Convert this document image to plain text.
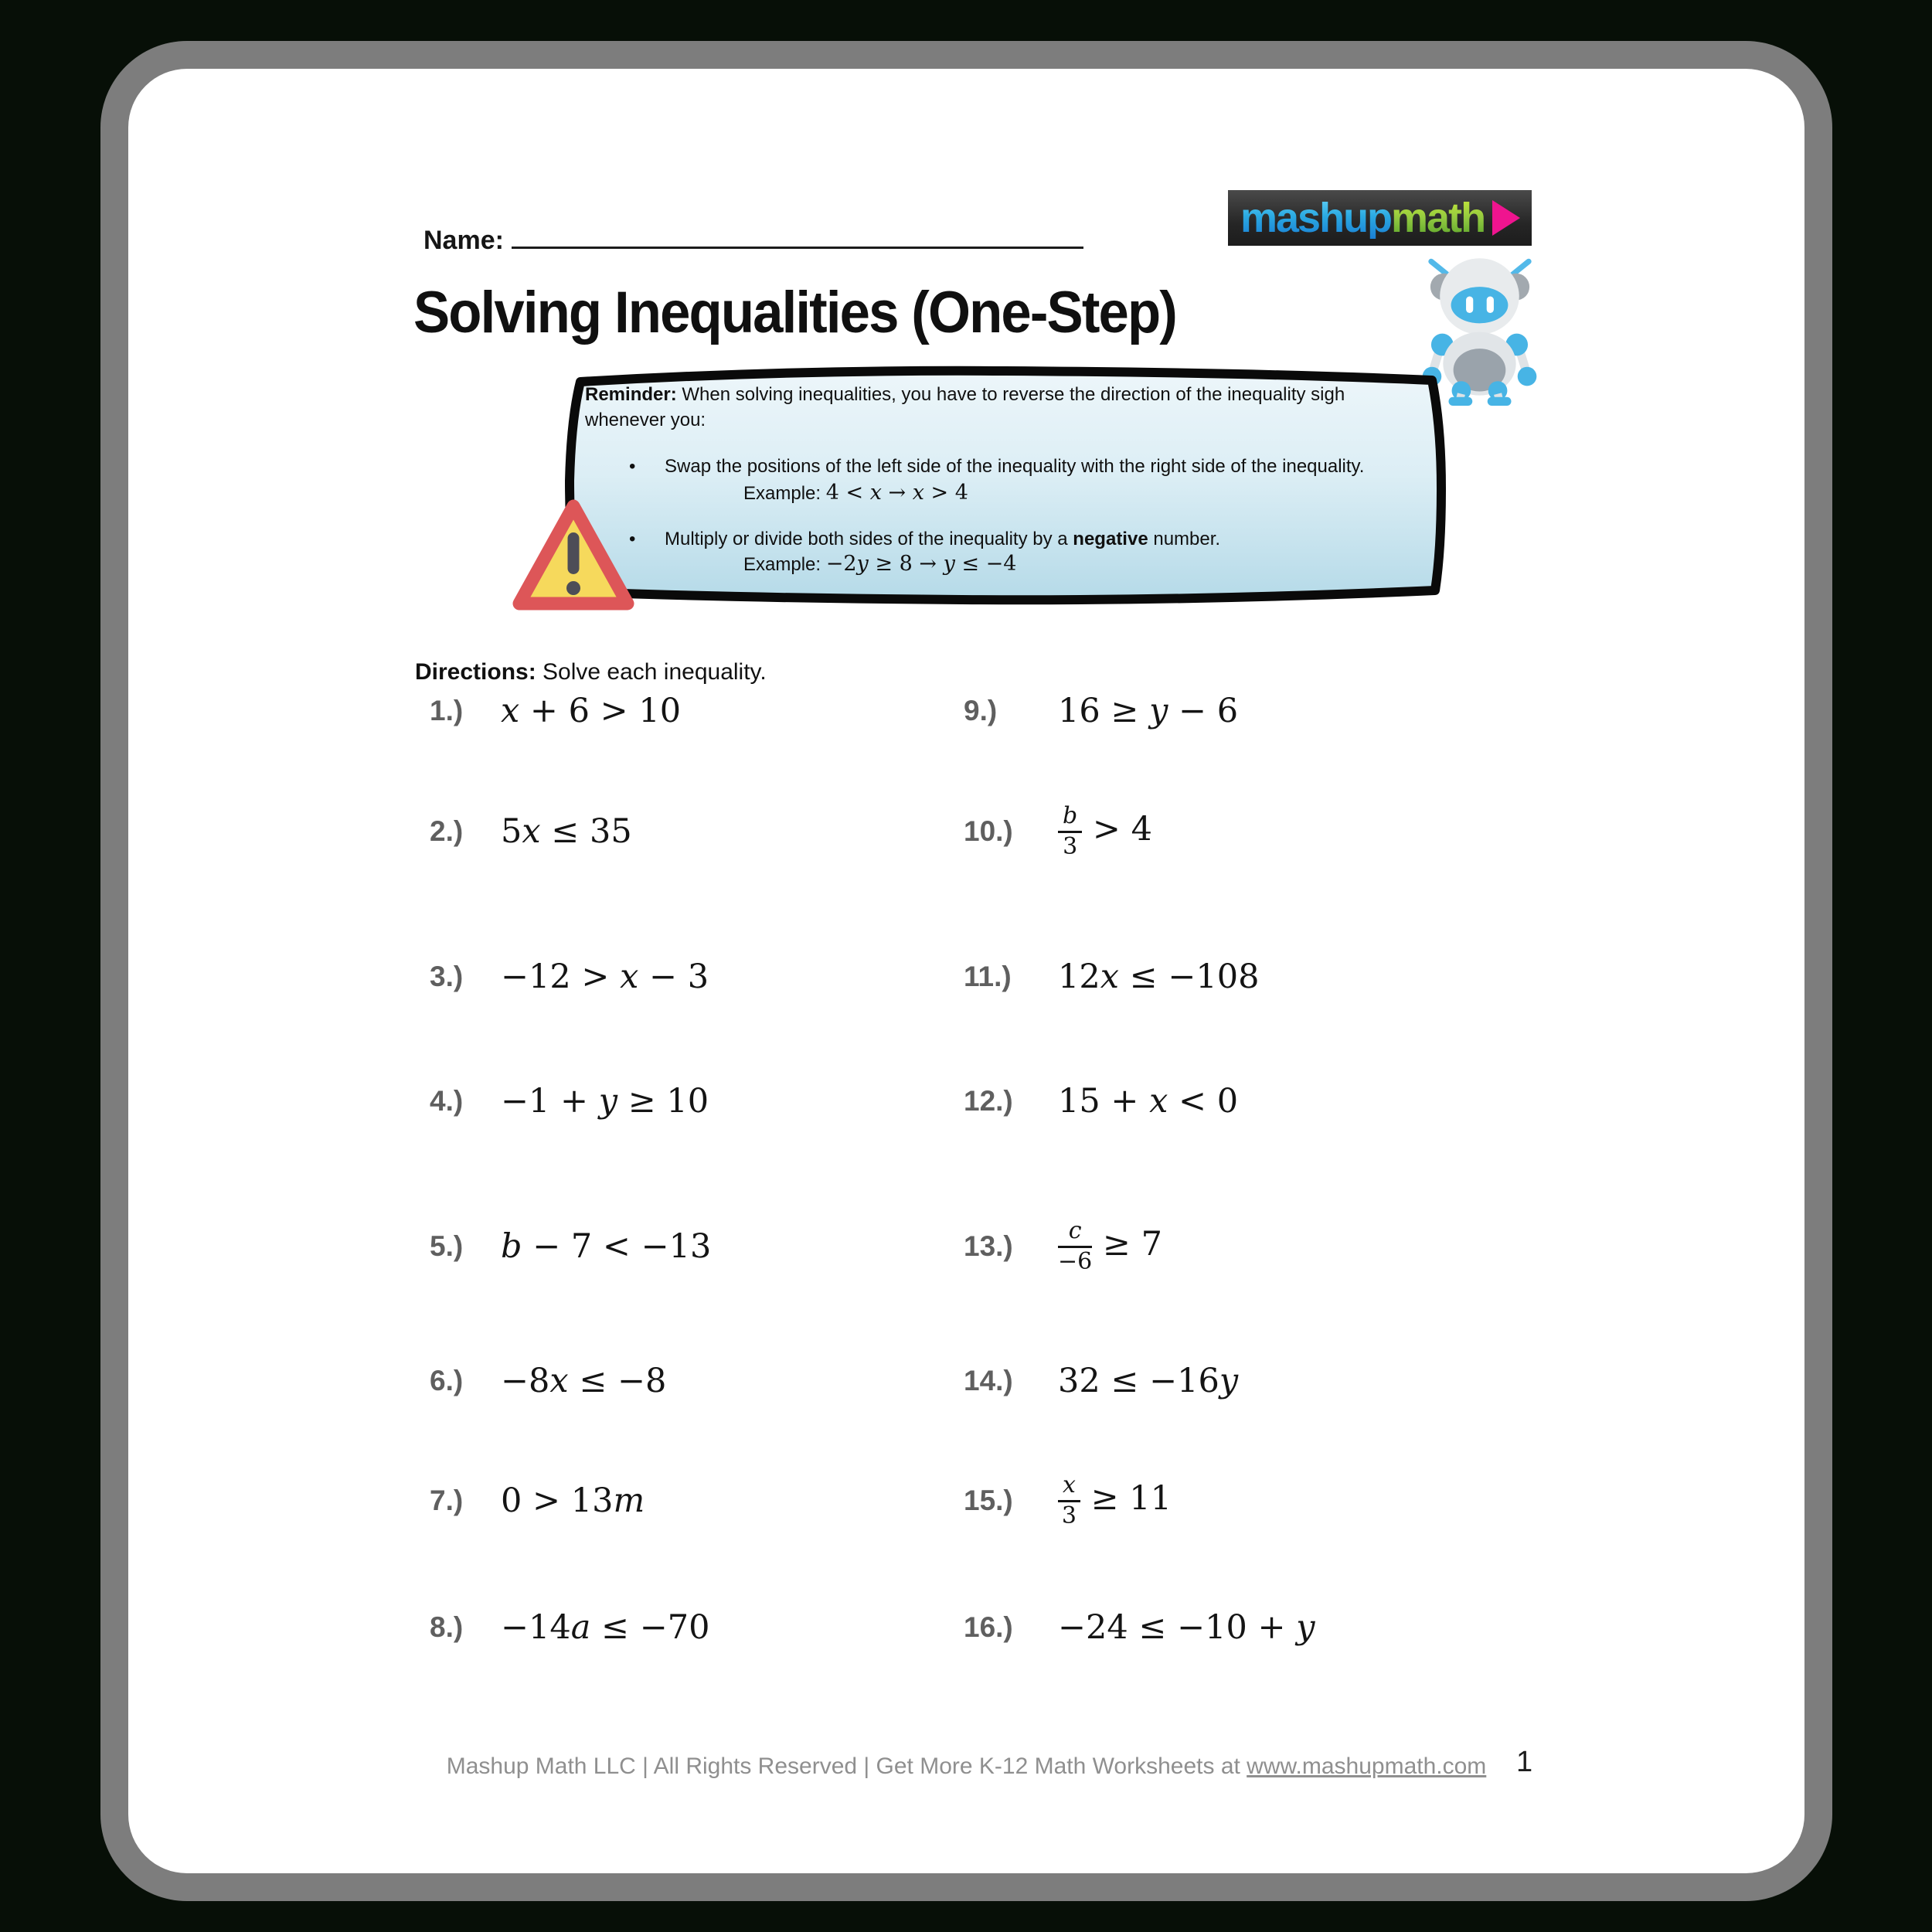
Name:	mashup math
Solving Inequalities (One-Step)
Reminder: When solving inequalities, you have to reverse the direction of the inequality sigh
whenever you:
• Swap the positions of the left side of the inequality with the right side of the inequality.
Example: 4 < x → x > 4
• Multiply or divide both sides of the inequality by a negative number.
Example: −2y ≥ 8 → y ≤ −4
Directions: Solve each inequality.
1.)	x + 6 > 10
2.)	5x ≤ 35
3.)	−12 > x − 3
4.)	−1 + y ≥ 10
5.)	b − 7 < −13
6.)	−8x ≤ −8
7.)	0 > 13m
8.)	−14a ≤ −70
9.)	16 ≥ y − 6
10.)	$\frac{b}{3} > 4$
11.)	12x ≤ −108
12.)	15 + x < 0
13.)	$\frac{c}{-6} \ge 7$
14.)	32 ≤ −16y
15.)	$\frac{x}{3} \ge 11$
16.)	−24 ≤ −10 + y
Mashup Math LLC | All Rights Reserved | Get More K-12 Math Worksheets at www.mashupmath.com	1
